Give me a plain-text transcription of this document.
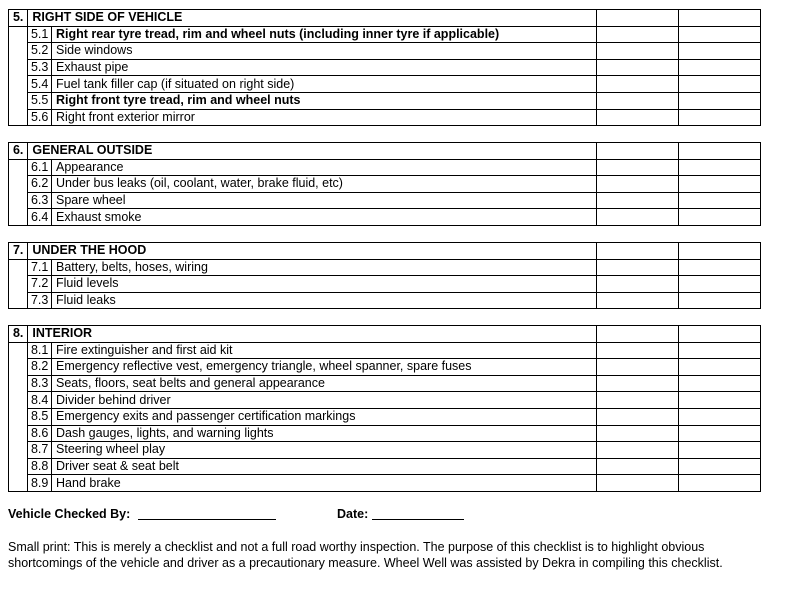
5.	RIGHT SIDE OF VEHICLE			
	5.1	Right rear tyre tread, rim and wheel nuts (including inner tyre if applicable)		
	5.2	Side windows		
	5.3	Exhaust pipe		
	5.4	Fuel tank filler cap (if situated on right side)		
	5.5	Right front tyre tread, rim and wheel nuts		
	5.6	Right front exterior mirror		
6.	GENERAL OUTSIDE			
	6.1	Appearance		
	6.2	Under bus leaks (oil, coolant, water, brake fluid, etc)		
	6.3	Spare wheel		
	6.4	Exhaust smoke		
7.	UNDER THE HOOD			
	7.1	Battery, belts, hoses, wiring		
	7.2	Fluid levels		
	7.3	Fluid leaks		
8.	INTERIOR			
	8.1	Fire extinguisher and first aid kit		
	8.2	Emergency reflective vest, emergency triangle, wheel spanner, spare fuses		
	8.3	Seats, floors, seat belts and general appearance		
	8.4	Divider behind driver		
	8.5	Emergency exits and passenger certification markings		
	8.6	Dash gauges, lights, and warning lights		
	8.7	Steering wheel play		
	8.8	Driver seat & seat belt		
	8.9	Hand brake		
Vehicle Checked By:	Date:
Small print: This is merely a checklist and not a full road worthy inspection. The purpose of this checklist is to highlight obvious shortcomings of the vehicle and driver as a precautionary measure. Wheel Well was assisted by Dekra in compiling this checklist.
